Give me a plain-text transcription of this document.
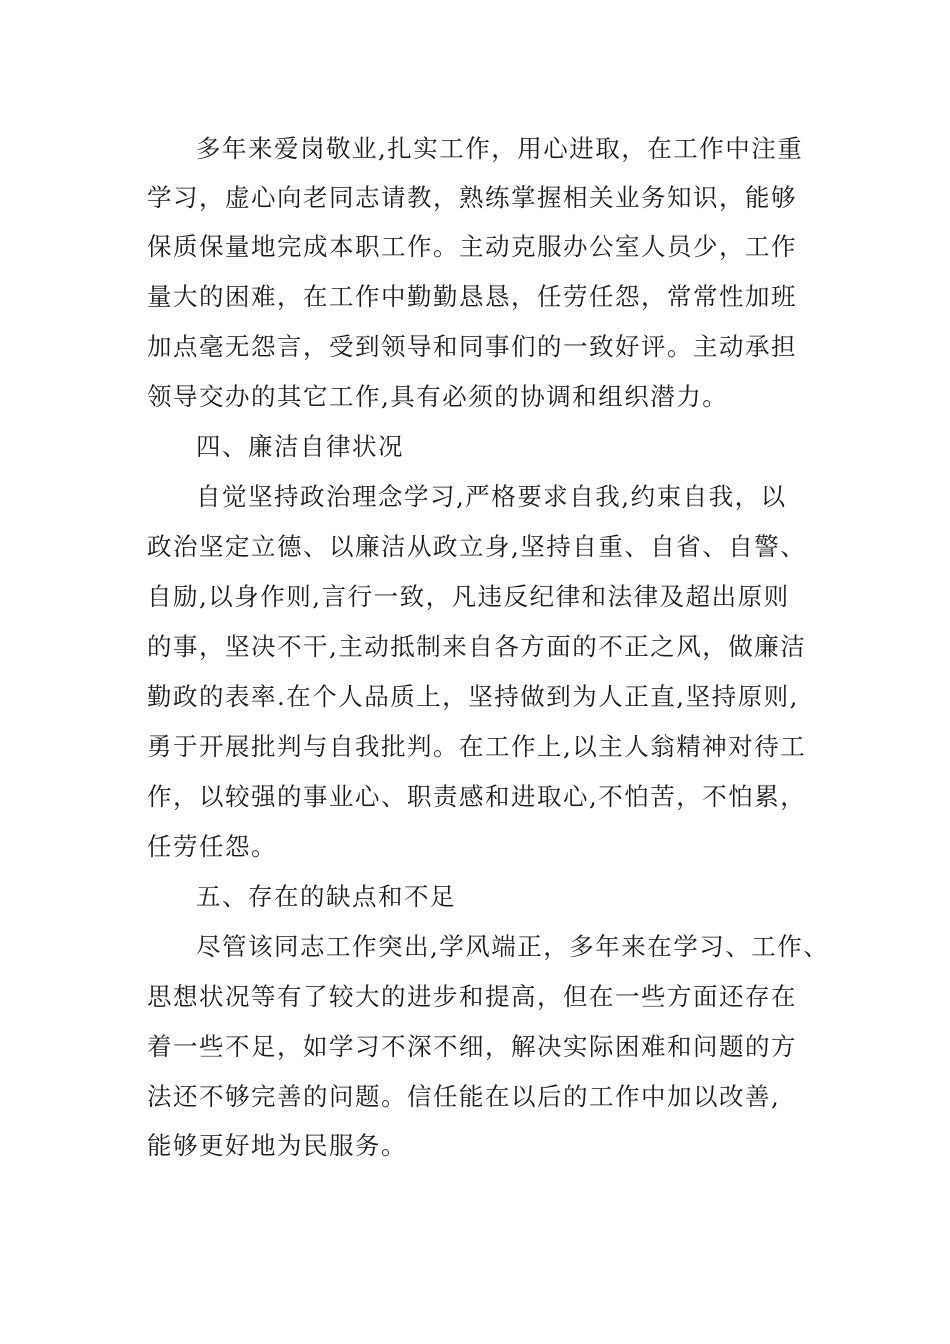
多年来爱岗敬业,扎实工作，用心进取，在工作中注重
学习，虚心向老同志请教，熟练掌握相关业务知识，能够
保质保量地完成本职工作。主动克服办公室人员少，工作
量大的困难，在工作中勤勤恳恳，任劳任怨，常常性加班
加点毫无怨言，受到领导和同事们的一致好评。主动承担
领导交办的其它工作,具有必须的协调和组织潜力。
四、廉洁自律状况
自觉坚持政治理念学习,严格要求自我,约束自我，以
政治坚定立德、以廉洁从政立身,坚持自重、自省、自警、
自励,以身作则,言行一致，凡违反纪律和法律及超出原则
的事，坚决不干,主动抵制来自各方面的不正之风，做廉洁
勤政的表率.在个人品质上，坚持做到为人正直,坚持原则,
勇于开展批判与自我批判。在工作上,以主人翁精神对待工
作，以较强的事业心、职责感和进取心,不怕苦，不怕累，
任劳任怨。
五、存在的缺点和不足
尽管该同志工作突出,学风端正，多年来在学习、工作、
思想状况等有了较大的进步和提高，但在一些方面还存在
着一些不足，如学习不深不细，解决实际困难和问题的方
法还不够完善的问题。信任能在以后的工作中加以改善,
能够更好地为民服务。
